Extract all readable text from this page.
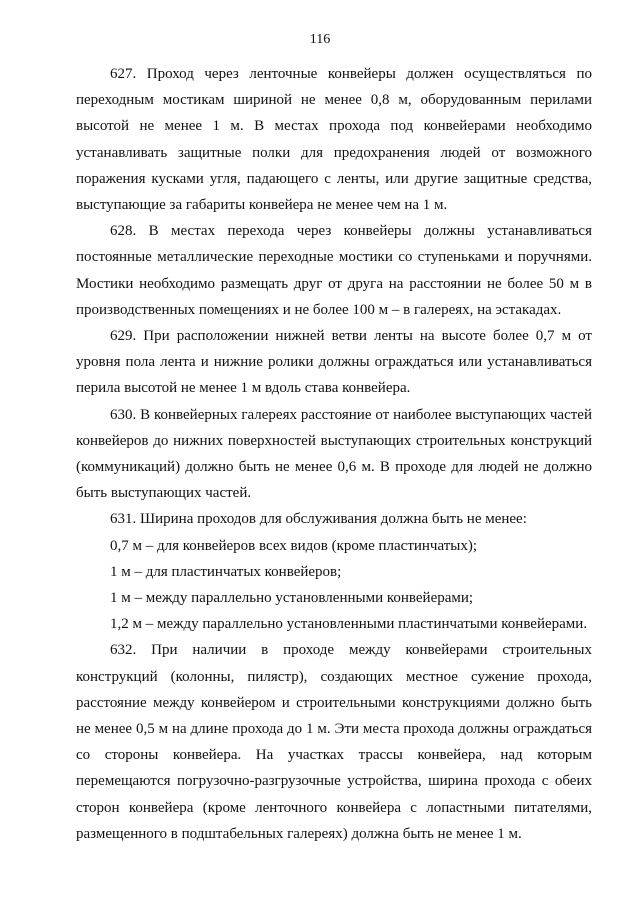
116

627. Проход через ленточные конвейеры должен осуществляться по переходным мостикам шириной не менее 0,8 м, оборудованным перилами высотой не менее 1 м. В местах прохода под конвейерами необходимо устанавливать защитные полки для предохранения людей от возможного поражения кусками угля, падающего с ленты, или другие защитные средства, выступающие за габариты конвейера не менее чем на 1 м.

628. В местах перехода через конвейеры должны устанавливаться постоянные металлические переходные мостики со ступеньками и поручнями. Мостики необходимо размещать друг от друга на расстоянии не более 50 м в производственных помещениях и не более 100 м – в галереях, на эстакадах.

629. При расположении нижней ветви ленты на высоте более 0,7 м от уровня пола лента и нижние ролики должны ограждаться или устанавливаться перила высотой не менее 1 м вдоль става конвейера.

630. В конвейерных галереях расстояние от наиболее выступающих частей конвейеров до нижних поверхностей выступающих строительных конструкций (коммуникаций) должно быть не менее 0,6 м. В проходе для людей не должно быть выступающих частей.

631. Ширина проходов для обслуживания должна быть не менее:

0,7 м – для конвейеров всех видов (кроме пластинчатых);

1 м – для пластинчатых конвейеров;

1 м – между параллельно установленными конвейерами;

1,2 м – между параллельно установленными пластинчатыми конвейерами.

632. При наличии в проходе между конвейерами строительных конструкций (колонны, пилястр), создающих местное сужение прохода, расстояние между конвейером и строительными конструкциями должно быть не менее 0,5 м на длине прохода до 1 м. Эти места прохода должны ограждаться со стороны конвейера. На участках трассы конвейера, над которым перемещаются погрузочно-разгрузочные устройства, ширина прохода с обеих сторон конвейера (кроме ленточного конвейера с лопастными питателями, размещенного в подштабельных галереях) должна быть не менее 1 м.
